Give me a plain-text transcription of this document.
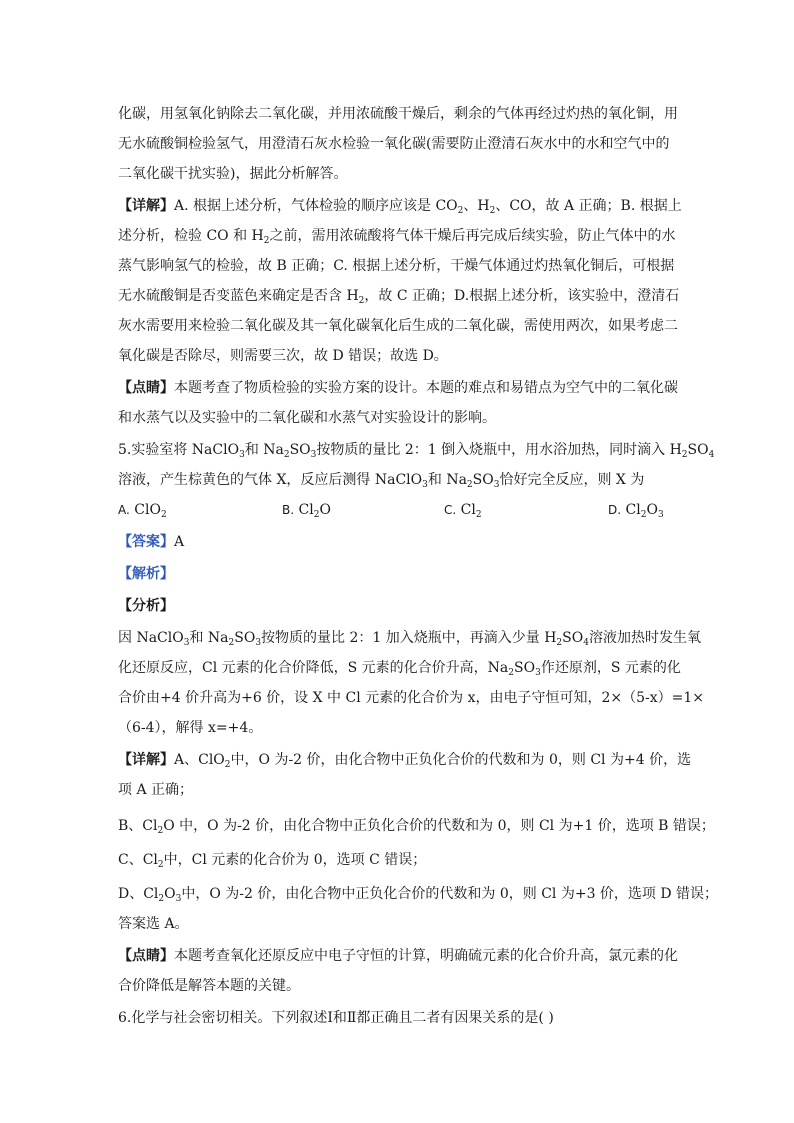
化碳，用氢氧化钠除去二氧化碳，并用浓硫酸干燥后，剩余的气体再经过灼热的氧化铜，用
无水硫酸铜检验氢气，用澄清石灰水检验一氧化碳(需要防止澄清石灰水中的水和空气中的
二氧化碳干扰实验)，据此分析解答。
【详解】A. 根据上述分析，气体检验的顺序应该是 $CO_2$、$H_2$、CO，故 A 正确；B. 根据上
述分析，检验 CO 和 $H_2$之前，需用浓硫酸将气体干燥后再完成后续实验，防止气体中的水
蒸气影响氢气的检验，故 B 正确；C. 根据上述分析，干燥气体通过灼热氧化铜后，可根据
无水硫酸铜是否变蓝色来确定是否含 $H_2$，故 C 正确；D.根据上述分析，该实验中，澄清石
灰水需要用来检验二氧化碳及其一氧化碳氧化后生成的二氧化碳，需使用两次，如果考虑二
氧化碳是否除尽，则需要三次，故 D 错误；故选 D。
【点睛】本题考查了物质检验的实验方案的设计。本题的难点和易错点为空气中的二氧化碳
和水蒸气以及实验中的二氧化碳和水蒸气对实验设计的影响。
5.实验室将 NaClO$_3$和 $Na_2SO_3$按物质的量比 2：1 倒入烧瓶中，用水浴加热，同时滴入 $H_2SO_4$
溶液，产生棕黄色的气体 X，反应后测得 NaClO$_3$和 $Na_2SO_3$恰好完全反应，则 X 为
A. ClO$_2$	B. $Cl_2O$	C. $Cl_2$	D. $Cl_2O_3$
【答案】A
【解析】
【分析】
因 NaClO$_3$和 $Na_2SO_3$按物质的量比 2：1 加入烧瓶中，再滴入少量 $H_2SO_4$溶液加热时发生氧
化还原反应，Cl 元素的化合价降低，S 元素的化合价升高，$Na_2SO_3$作还原剂，S 元素的化
合价由+4 价升高为+6 价，设 X 中 Cl 元素的化合价为 x，由电子守恒可知，2×（5-x）=1×
（6-4），解得 x=+4。
【详解】A、ClO$_2$中，O 为-2 价，由化合物中正负化合价的代数和为 0，则 Cl 为+4 价，选
项 A 正确；
B、$Cl_2O$ 中，O 为-2 价，由化合物中正负化合价的代数和为 0，则 Cl 为+1 价，选项 B 错误；
C、$Cl_2$中，Cl 元素的化合价为 0，选项 C 错误；
D、$Cl_2O_3$中，O 为-2 价，由化合物中正负化合价的代数和为 0，则 Cl 为+3 价，选项 D 错误；
答案选 A。
【点睛】本题考查氧化还原反应中电子守恒的计算，明确硫元素的化合价升高，氯元素的化
合价降低是解答本题的关键。
6.化学与社会密切相关。下列叙述Ⅰ和Ⅱ都正确且二者有因果关系的是( )
